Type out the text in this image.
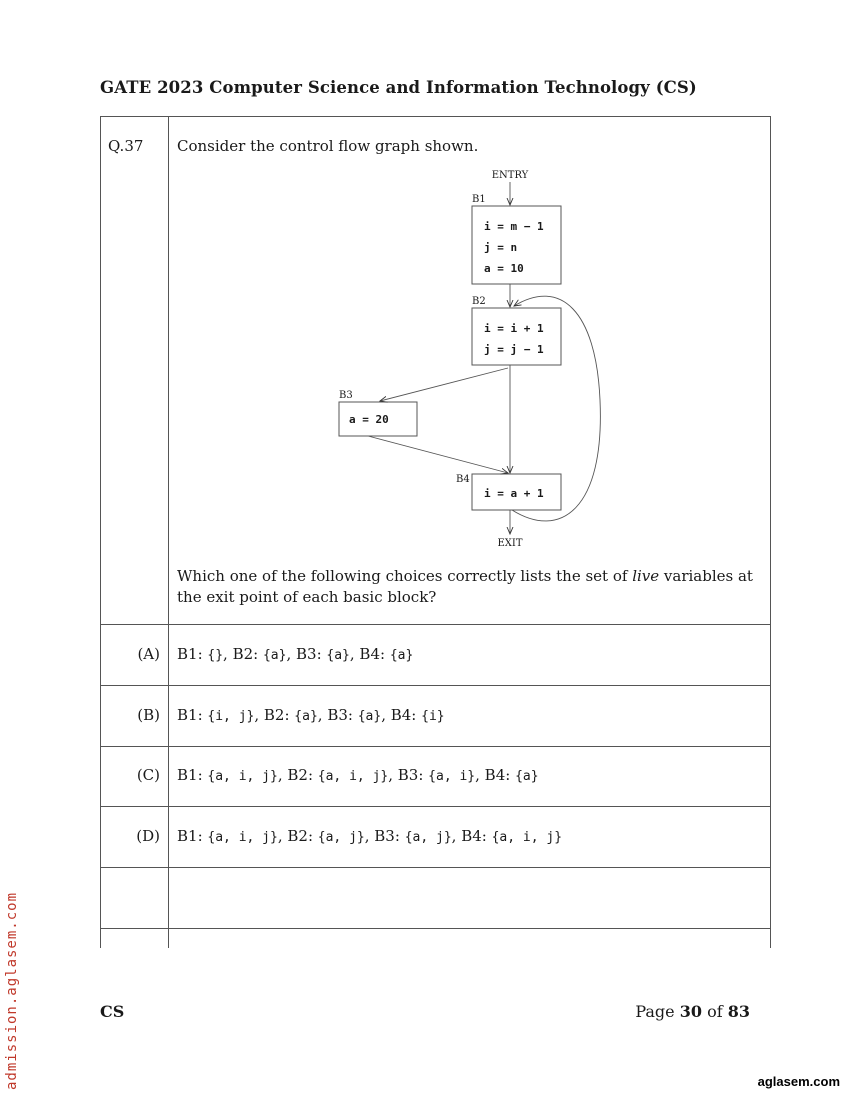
GATE 2023 Computer Science and Information Technology (CS)
Q.37 Consider the control flow graph shown.
ENTRY
EXIT
B1
i = m − 1
j = n
a = 10
B2
i = i + 1
j = j − 1
B3
a = 20
B4
i = a + 1
Which one of the following choices correctly lists the set of live variables at the exit point of each basic block?
(A) B1: {}, B2: {a}, B3: {a}, B4: {a}
(B) B1: {i, j}, B2: {a}, B3: {a}, B4: {i}
(C) B1: {a, i, j}, B2: {a, i, j}, B3: {a, i}, B4: {a}
(D) B1: {a, i, j}, B2: {a, j}, B3: {a, j}, B4: {a, i, j}
CS	Page 30 of 83
admission.aglasem.com	aglasem.com
